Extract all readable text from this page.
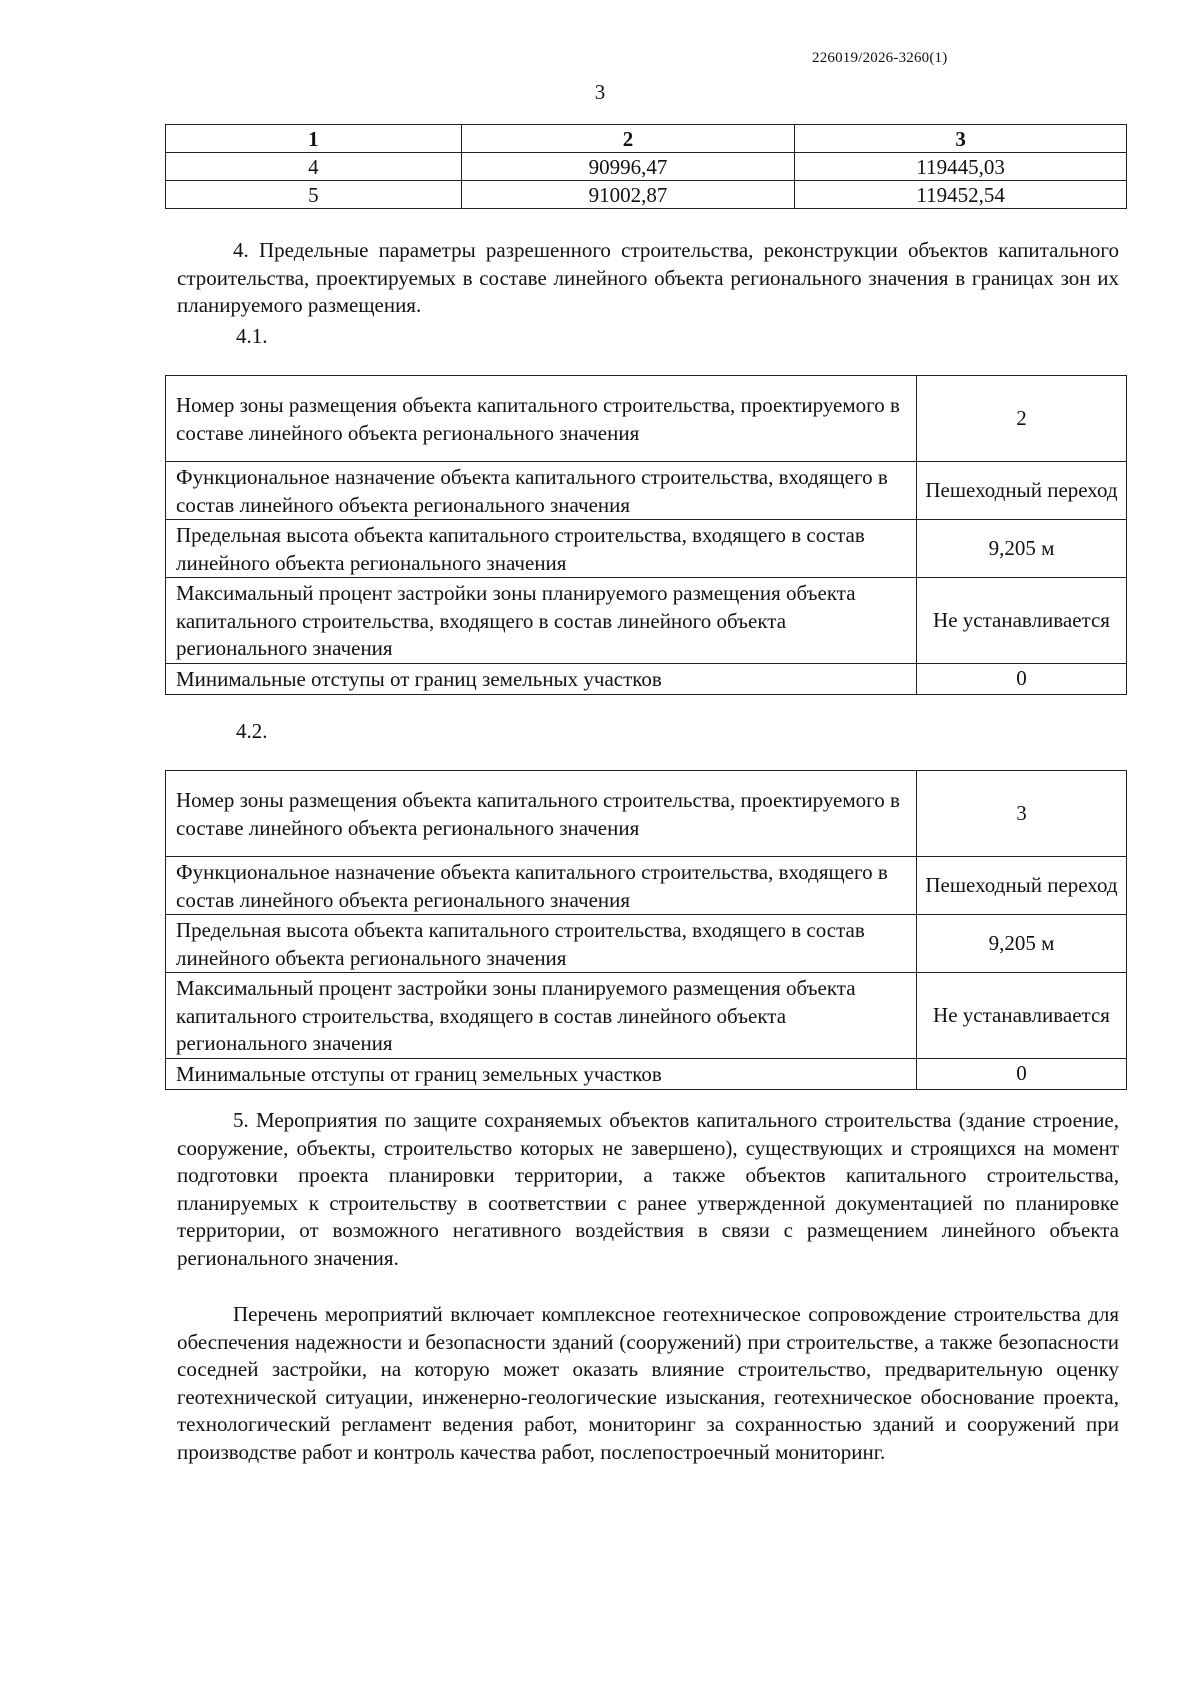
226019/2026-3260(1)
3
1	2	3
4	90996,47	119445,03
5	91002,87	119452,54

4. Предельные параметры разрешенного строительства, реконструкции объектов капитального строительства, проектируемых в составе линейного объекта регионального значения в границах зон их планируемого размещения.

4.1.
Номер зоны размещения объекта капитального строительства, проектируемого в составе линейного объекта регионального значения	2
Функциональное назначение объекта капитального строительства, входящего в состав линейного объекта регионального значения	Пешеходный переход
Предельная высота объекта капитального строительства, входящего в состав линейного объекта регионального значения	9,205 м
Максимальный процент застройки зоны планируемого размещения объекта капитального строительства, входящего в состав линейного объекта регионального значения	Не устанавливается
Минимальные отступы от границ земельных участков	0
4.2.
Номер зоны размещения объекта капитального строительства, проектируемого в составе линейного объекта регионального значения	3
Функциональное назначение объекта капитального строительства, входящего в состав линейного объекта регионального значения	Пешеходный переход
Предельная высота объекта капитального строительства, входящего в состав линейного объекта регионального значения	9,205 м
Максимальный процент застройки зоны планируемого размещения объекта капитального строительства, входящего в состав линейного объекта регионального значения	Не устанавливается
Минимальные отступы от границ земельных участков	0

5. Мероприятия по защите сохраняемых объектов капитального строительства (здание строение, сооружение, объекты, строительство которых не завершено), существующих и строящихся на момент подготовки проекта планировки территории, а также объектов капитального строительства, планируемых к строительству в соответствии с ранее утвержденной документацией по планировке территории, от возможного негативного воздействия в связи с размещением линейного объекта регионального значения.

Перечень мероприятий включает комплексное геотехническое сопровождение строительства для обеспечения надежности и безопасности зданий (сооружений) при строительстве, а также безопасности соседней застройки, на которую может оказать влияние строительство, предварительную оценку геотехнической ситуации, инженерно-геологические изыскания, геотехническое обоснование проекта, технологический регламент ведения работ, мониторинг за сохранностью зданий и сооружений при производстве работ и контроль качества работ, послепостроечный мониторинг.
